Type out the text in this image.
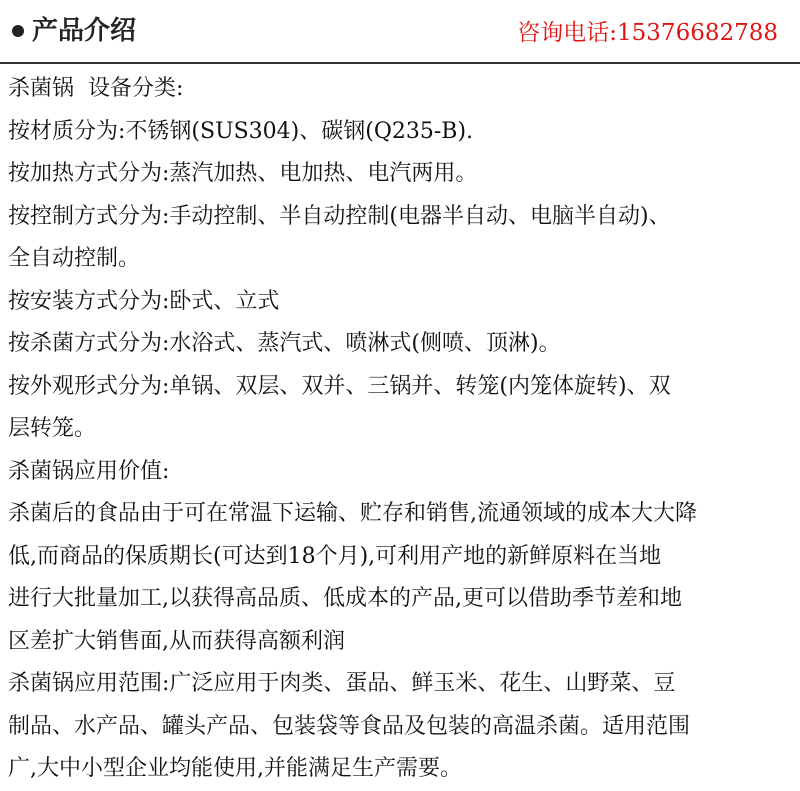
产品介绍	咨询电话:15376682788
杀菌锅  设备分类:
按材质分为:不锈钢(SUS304)、碳钢(Q235-B).
按加热方式分为:蒸汽加热、电加热、电汽两用。
按控制方式分为:手动控制、半自动控制(电器半自动、电脑半自动)、
全自动控制。
按安装方式分为:卧式、立式
按杀菌方式分为:水浴式、蒸汽式、喷淋式(侧喷、顶淋)。
按外观形式分为:单锅、双层、双并、三锅并、转笼(内笼体旋转)、双
层转笼。
杀菌锅应用价值:
杀菌后的食品由于可在常温下运输、贮存和销售,流通领域的成本大大降
低,而商品的保质期长(可达到18个月),可利用产地的新鲜原料在当地
进行大批量加工,以获得高品质、低成本的产品,更可以借助季节差和地
区差扩大销售面,从而获得高额利润
杀菌锅应用范围:广泛应用于肉类、蛋品、鲜玉米、花生、山野菜、豆
制品、水产品、罐头产品、包装袋等食品及包装的高温杀菌。适用范围
广,大中小型企业均能使用,并能满足生产需要。
